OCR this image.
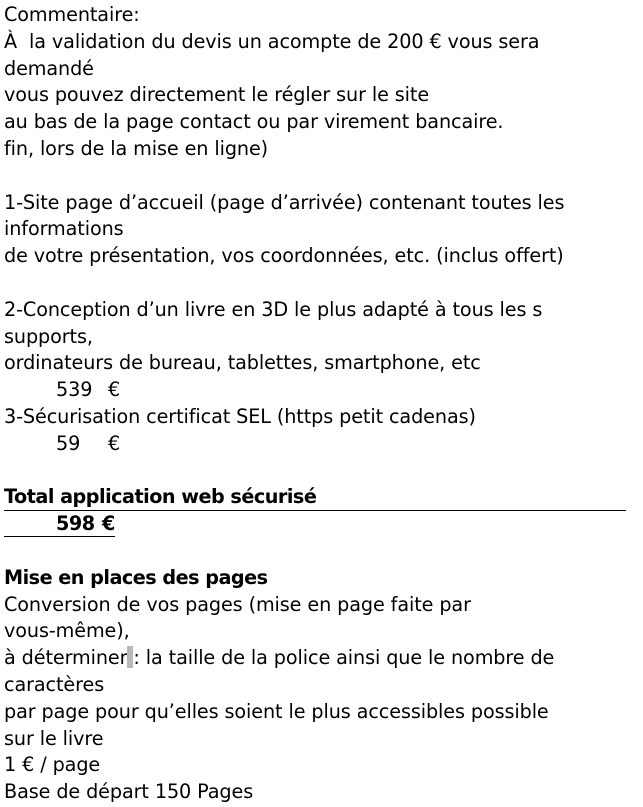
Commentaire:
À  la validation du devis un acompte de 200 € vous sera
demandé
vous pouvez directement le régler sur le site
au bas de la page contact ou par virement bancaire.
fin, lors de la mise en ligne)
1-Site page d’accueil (page d’arrivée) contenant toutes les
informations
de votre présentation, vos coordonnées, etc. (inclus offert)
2-Conception d’un livre en 3D le plus adapté à tous les s
supports,
ordinateurs de bureau, tablettes, smartphone, etc
539 €
3-Sécurisation certificat SEL (https petit cadenas)
59 €
Total application web sécurisé
598 €
Mise en places des pages
Conversion de vos pages (mise en page faite par
vous-même),
à déterminer : la taille de la police ainsi que le nombre de
caractères
par page pour qu’elles soient le plus accessibles possible
sur le livre
1 € / page
Base de départ 150 Pages
